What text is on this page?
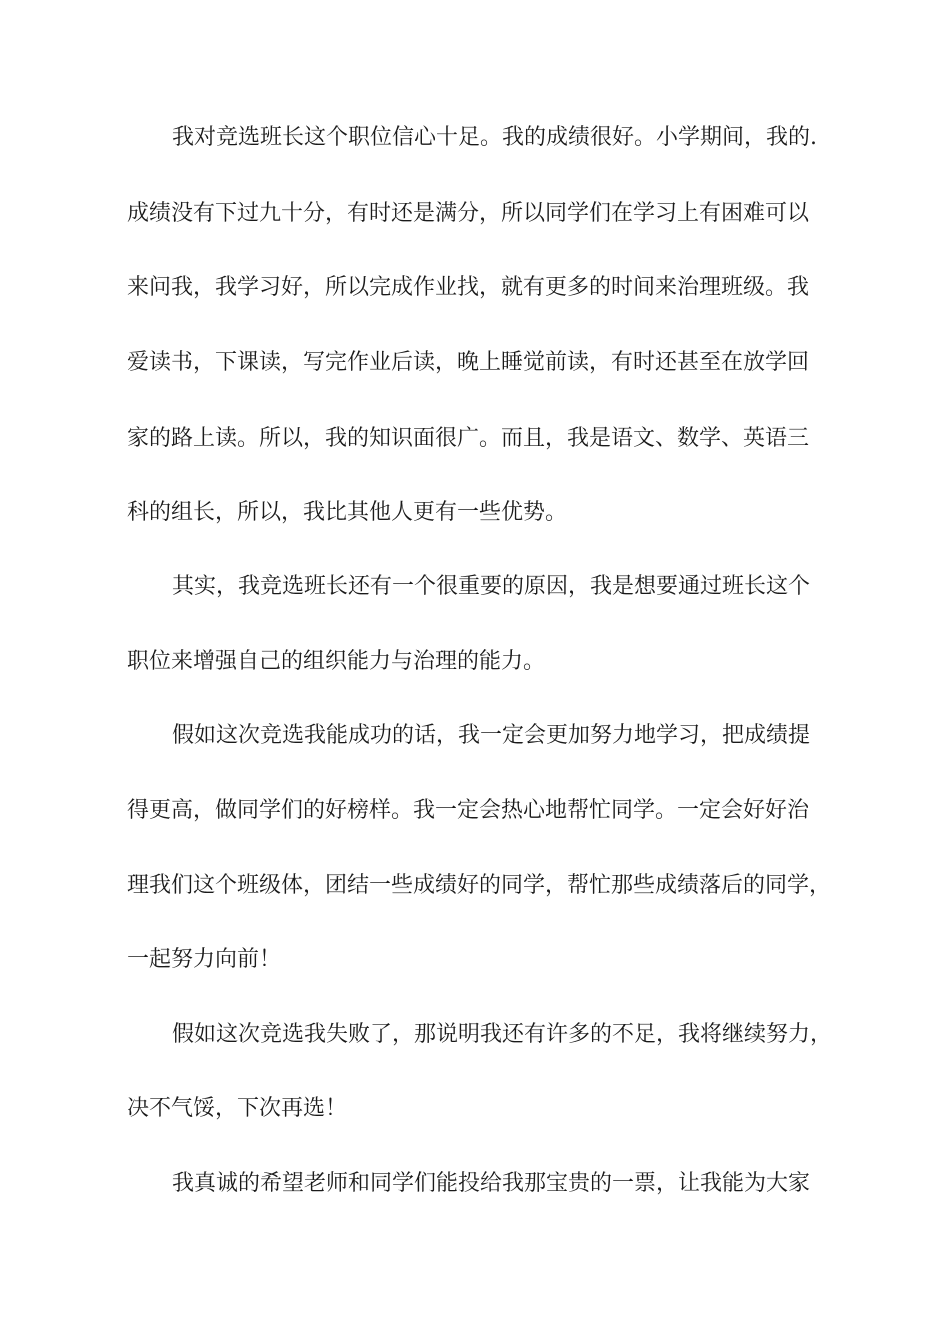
我对竞选班长这个职位信心十足。我的成绩很好。小学期间，我的.
成绩没有下过九十分，有时还是满分，所以同学们在学习上有困难可以
来问我，我学习好，所以完成作业找，就有更多的时间来治理班级。我
爱读书，下课读，写完作业后读，晚上睡觉前读，有时还甚至在放学回
家的路上读。所以，我的知识面很广。而且，我是语文、数学、英语三
科的组长，所以，我比其他人更有一些优势。
其实，我竞选班长还有一个很重要的原因，我是想要通过班长这个
职位来增强自己的组织能力与治理的能力。
假如这次竞选我能成功的话，我一定会更加努力地学习，把成绩提
得更高，做同学们的好榜样。我一定会热心地帮忙同学。一定会好好治
理我们这个班级体，团结一些成绩好的同学，帮忙那些成绩落后的同学，
一起努力向前！
假如这次竞选我失败了，那说明我还有许多的不足，我将继续努力，
决不气馁，下次再选！
我真诚的希望老师和同学们能投给我那宝贵的一票，让我能为大家
